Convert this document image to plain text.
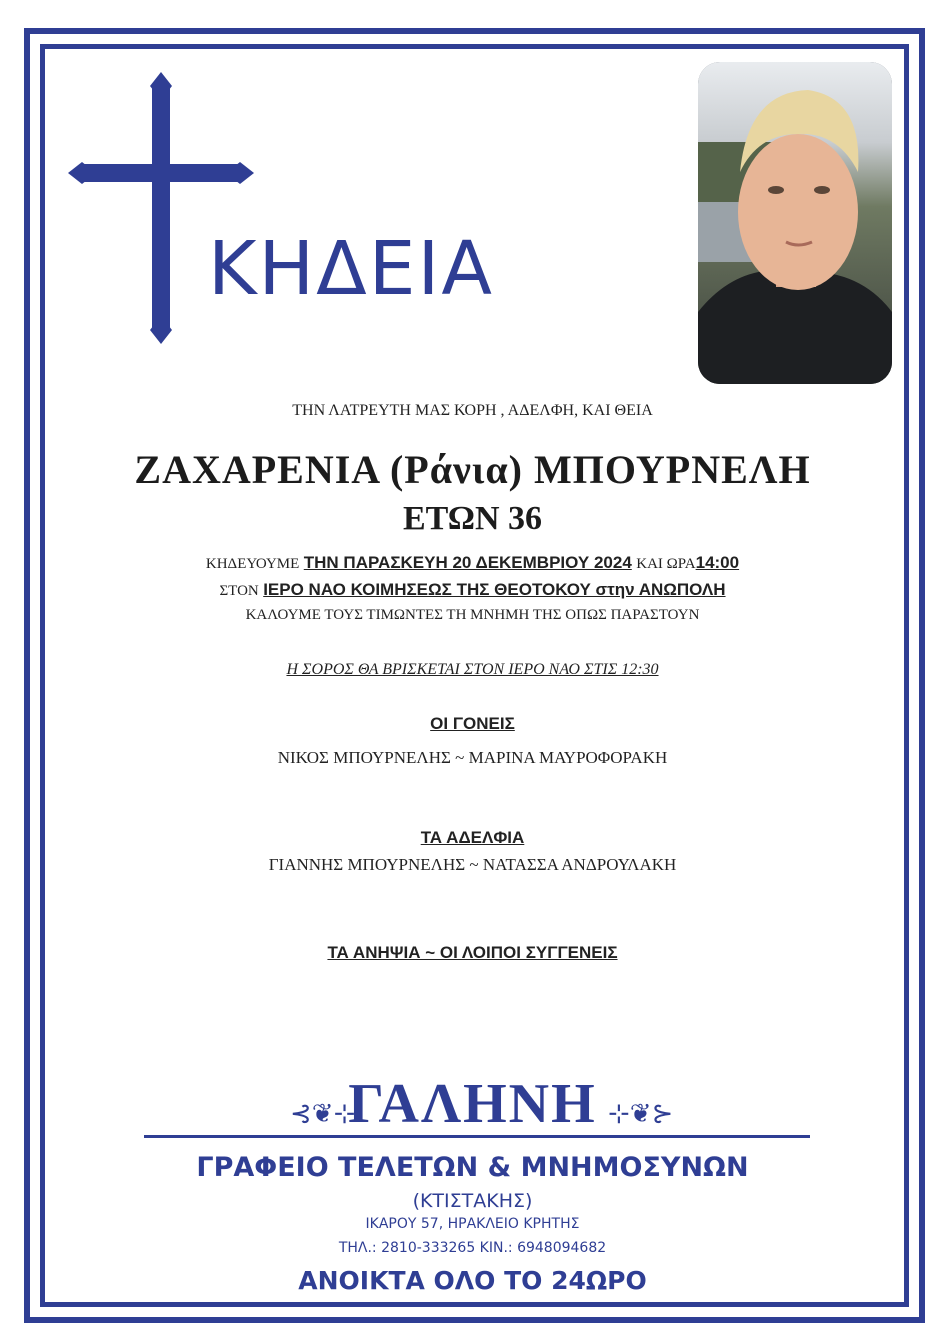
ΚΗΔΕΙΑ
ΤΗΝ ΛΑΤΡΕΥΤΗ ΜΑΣ ΚΟΡΗ , ΑΔΕΛΦΗ, ΚΑΙ ΘΕΙΑ
ΖΑΧΑΡΕΝΙΑ (Ράνια) ΜΠΟΥΡΝΕΛΗ
ΕΤΩΝ 36
ΚΗΔΕΥΟΥΜΕ ΤΗΝ ΠΑΡΑΣΚΕΥΗ 20 ΔΕΚΕΜΒΡΙΟΥ 2024 ΚΑΙ ΩΡΑ14:00
ΣΤΟΝ ΙΕΡΟ ΝΑΟ ΚΟΙΜΗΣΕΩΣ ΤΗΣ ΘΕΟΤΟΚΟΥ στην ΑΝΩΠΟΛΗ
ΚΑΛΟΥΜΕ ΤΟΥΣ ΤΙΜΩΝΤΕΣ ΤΗ ΜΝΗΜΗ ΤΗΣ ΟΠΩΣ ΠΑΡΑΣΤΟΥΝ
Η ΣΟΡΟΣ ΘΑ ΒΡΙΣΚΕΤΑΙ ΣΤΟΝ ΙΕΡΟ ΝΑΟ ΣΤΙΣ 12:30
ΟΙ ΓΟΝΕΙΣ
ΝΙΚΟΣ ΜΠΟΥΡΝΕΛΗΣ ~ ΜΑΡΙΝΑ ΜΑΥΡΟΦΟΡΑΚΗ
ΤΑ ΑΔΕΛΦΙΑ
ΓΙΑΝΝΗΣ ΜΠΟΥΡΝΕΛΗΣ ~ ΝΑΤΑΣΣΑ ΑΝΔΡΟΥΛΑΚΗ
ΤΑ ΑΝΗΨΙΑ ~ ΟΙ ΛΟΙΠΟΙ ΣΥΓΓΕΝΕΙΣ
⊰❦⊹
ΓΑΛΗΝΗ ⊹❦⊱
ΓΡΑΦΕΙΟ ΤΕΛΕΤΩΝ & ΜΝΗΜΟΣΥΝΩΝ
(ΚΤΙΣΤΑΚΗΣ)
ΙΚΑΡΟΥ 57, ΗΡΑΚΛΕΙΟ ΚΡΗΤΗΣ
ΤΗΛ.: 2810-333265 ΚΙΝ.: 6948094682
ΑΝΟΙΚΤΑ ΟΛΟ ΤΟ 24ΩΡΟ
